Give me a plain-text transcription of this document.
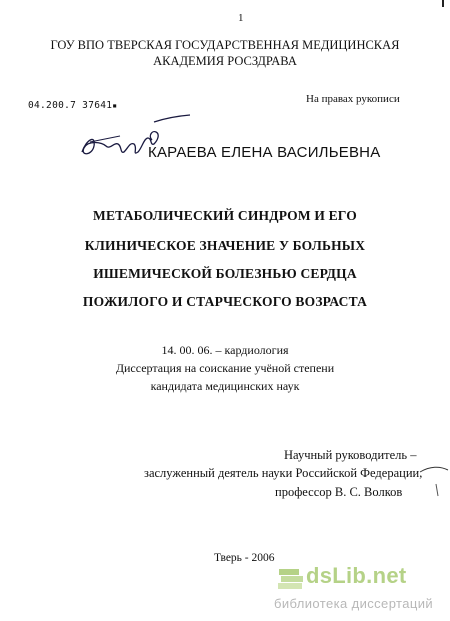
1
ГОУ ВПО ТВЕРСКАЯ ГОСУДАРСТВЕННАЯ МЕДИЦИНСКАЯ
АКАДЕМИЯ РОСЗДРАВА
04.200.7 37641▪
На правах рукописи
КАРАЕВА ЕЛЕНА ВАСИЛЬЕВНА
МЕТАБОЛИЧЕСКИЙ СИНДРОМ И ЕГО
КЛИНИЧЕСКОЕ ЗНАЧЕНИЕ У БОЛЬНЫХ
ИШЕМИЧЕСКОЙ БОЛЕЗНЬЮ СЕРДЦА
ПОЖИЛОГО И СТАРЧЕСКОГО ВОЗРАСТА
14. 00. 06. – кардиология
Диссертация на соискание учёной степени
кандидата медицинских наук
Научный руководитель –
заслуженный деятель науки Российской Федерации,
профессор В. С. Волков
Тверь - 2006
dsLib.net
библиотека диссертаций
